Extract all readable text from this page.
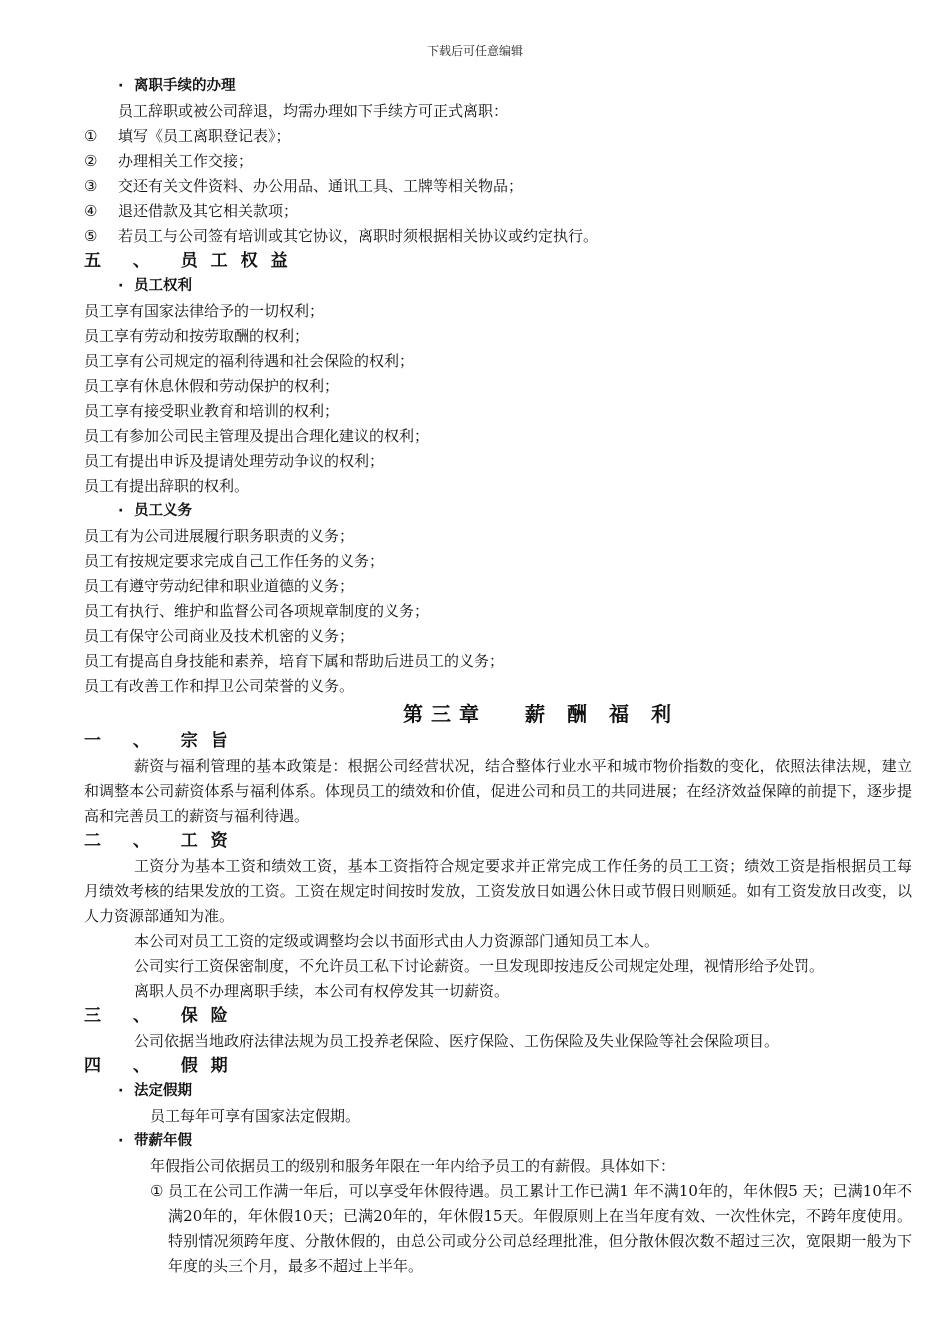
下载后可任意编辑
· 离职手续的办理
员工辞职或被公司辞退，均需办理如下手续方可正式离职：
① 填写《员工离职登记表》；
② 办理相关工作交接；
③ 交还有关文件资料、办公用品、通讯工具、工牌等相关物品；
④ 退还借款及其它相关款项；
⑤ 若员工与公司签有培训或其它协议，离职时须根据相关协议或约定执行。
五 、 员工权益
· 员工权利
员工享有国家法律给予的一切权利；
员工享有劳动和按劳取酬的权利；
员工享有公司规定的福利待遇和社会保险的权利；
员工享有休息休假和劳动保护的权利；
员工享有接受职业教育和培训的权利；
员工有参加公司民主管理及提出合理化建议的权利；
员工有提出申诉及提请处理劳动争议的权利；
员工有提出辞职的权利。
· 员工义务
员工有为公司进展履行职务职责的义务；
员工有按规定要求完成自己工作任务的义务；
员工有遵守劳动纪律和职业道德的义务；
员工有执行、维护和监督公司各项规章制度的义务；
员工有保守公司商业及技术机密的义务；
员工有提高自身技能和素养，培育下属和帮助后进员工的义务；
员工有改善工作和捍卫公司荣誉的义务。
第三章 薪酬福利
一 、 宗旨
薪资与福利管理的基本政策是：根据公司经营状况，结合整体行业水平和城市物价指数的变化，依照法律法规，建立和调整本公司薪资体系与福利体系。体现员工的绩效和价值，促进公司和员工的共同进展；在经济效益保障的前提下，逐步提高和完善员工的薪资与福利待遇。
二 、 工资
工资分为基本工资和绩效工资，基本工资指符合规定要求并正常完成工作任务的员工工资；绩效工资是指根据员工每月绩效考核的结果发放的工资。工资在规定时间按时发放，工资发放日如遇公休日或节假日则顺延。如有工资发放日改变，以人力资源部通知为准。
本公司对员工工资的定级或调整均会以书面形式由人力资源部门通知员工本人。
公司实行工资保密制度，不允许员工私下讨论薪资。一旦发现即按违反公司规定处理，视情形给予处罚。
离职人员不办理离职手续，本公司有权停发其一切薪资。
三 、 保险
公司依据当地政府法律法规为员工投养老保险、医疗保险、工伤保险及失业保险等社会保险项目。
四 、 假期
· 法定假期
员工每年可享有国家法定假期。
· 带薪年假
年假指公司依据员工的级别和服务年限在一年内给予员工的有薪假。具体如下：
① 员工在公司工作满一年后，可以享受年休假待遇。员工累计工作已满1 年不满10年的，年休假5 天；已满10年不满20年的，年休假10天；已满20年的，年休假15天。年假原则上在当年度有效、一次性休完，不跨年度使用。特别情况须跨年度、分散休假的，由总公司或分公司总经理批准，但分散休假次数不超过三次，宽限期一般为下年度的头三个月，最多不超过上半年。
